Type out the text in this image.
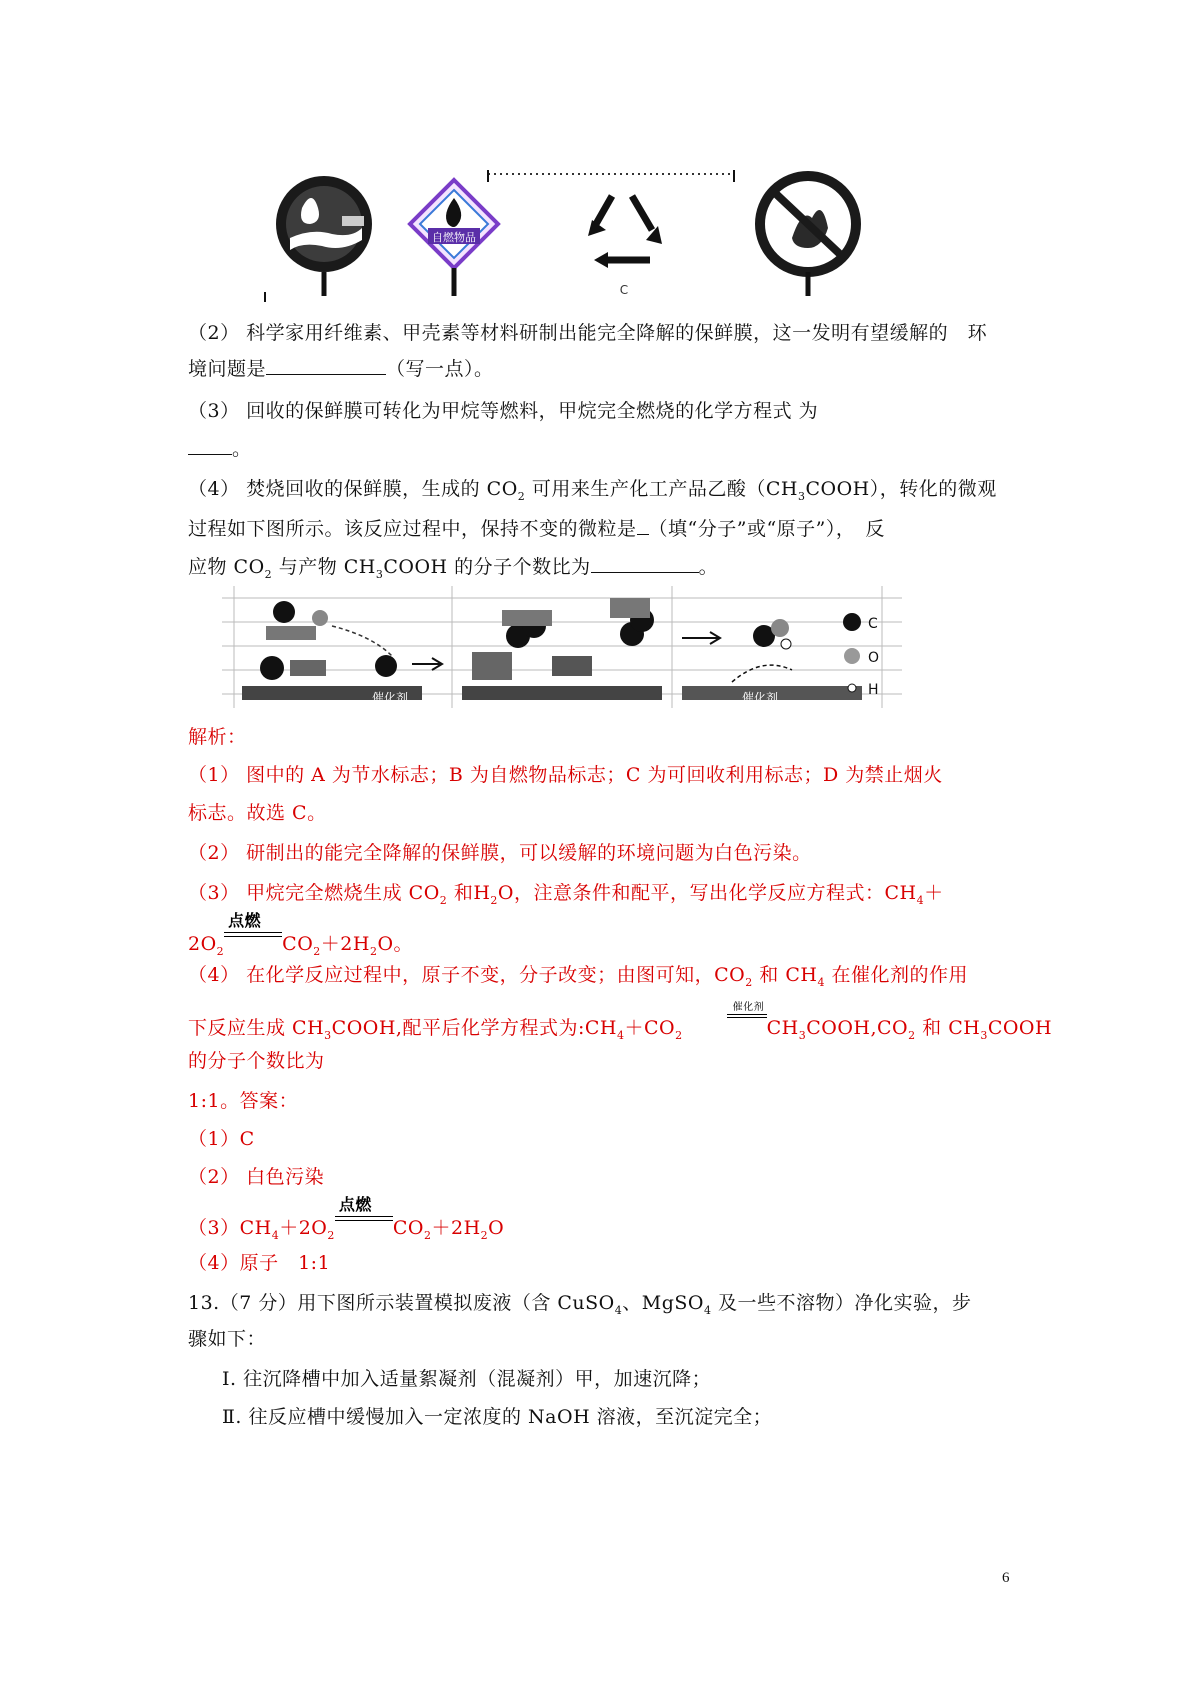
自燃物品
C
（2） 科学家用纤维素、甲壳素等材料研制出能完全降解的保鲜膜，这一发明有望缓解的　环
境问题是	（写一点）。
（3） 回收的保鲜膜可转化为甲烷等燃料，甲烷完全燃烧的化学方程式 为
。
（4） 焚烧回收的保鲜膜，生成的 $CO_2$ 可用来生产化工产品乙酸$(CH_3COOH)$，转化的微观
过程如下图所示。该反应过程中，保持不变的微粒是 （填“分子”或“原子”），　反
应物 $CO_2$ 与产物 $CH_3COOH$ 的分子个数比为	。
催化剂	催化剂
C
O
H
解析：
（1） 图中的 A 为节水标志；B 为自燃物品标志；C 为可回收利用标志；D 为禁止烟火
标志。故选 C。
（2） 研制出的能完全降解的保鲜膜，可以缓解的环境问题为白色污染。
（3） 甲烷完全燃烧生成 $CO_2$ 和$H_2O$，注意条件和配平，写出化学反应方程式：$CH_4+$
$2O_2$
点燃
$CO_2+2H_2O$。
（4） 在化学反应过程中，原子不变，分子改变；由图可知，$CO_2$ 和 $CH_4$ 在催化剂的作用
下反应生成 $CH_3COOH$,配平后化学方程式为$:CH_4+CO_2$
催化剂
$CH_3COOH,CO_2$ 和 $CH_3COOH$
的分子个数比为
1:1。答案：
（1）C
（2） 白色污染
$(3)CH_4+2O_2$
点燃
$CO_2+2H_2O$
（4）原子　1:1
13.（7 分）用下图所示装置模拟废液（含 CuSO$_4$、MgSO$_4$ 及一些不溶物）净化实验，步
骤如下：
I. 往沉降槽中加入适量絮凝剂（混凝剂）甲，加速沉降；
Ⅱ. 往反应槽中缓慢加入一定浓度的 NaOH 溶液，至沉淀完全；
6
